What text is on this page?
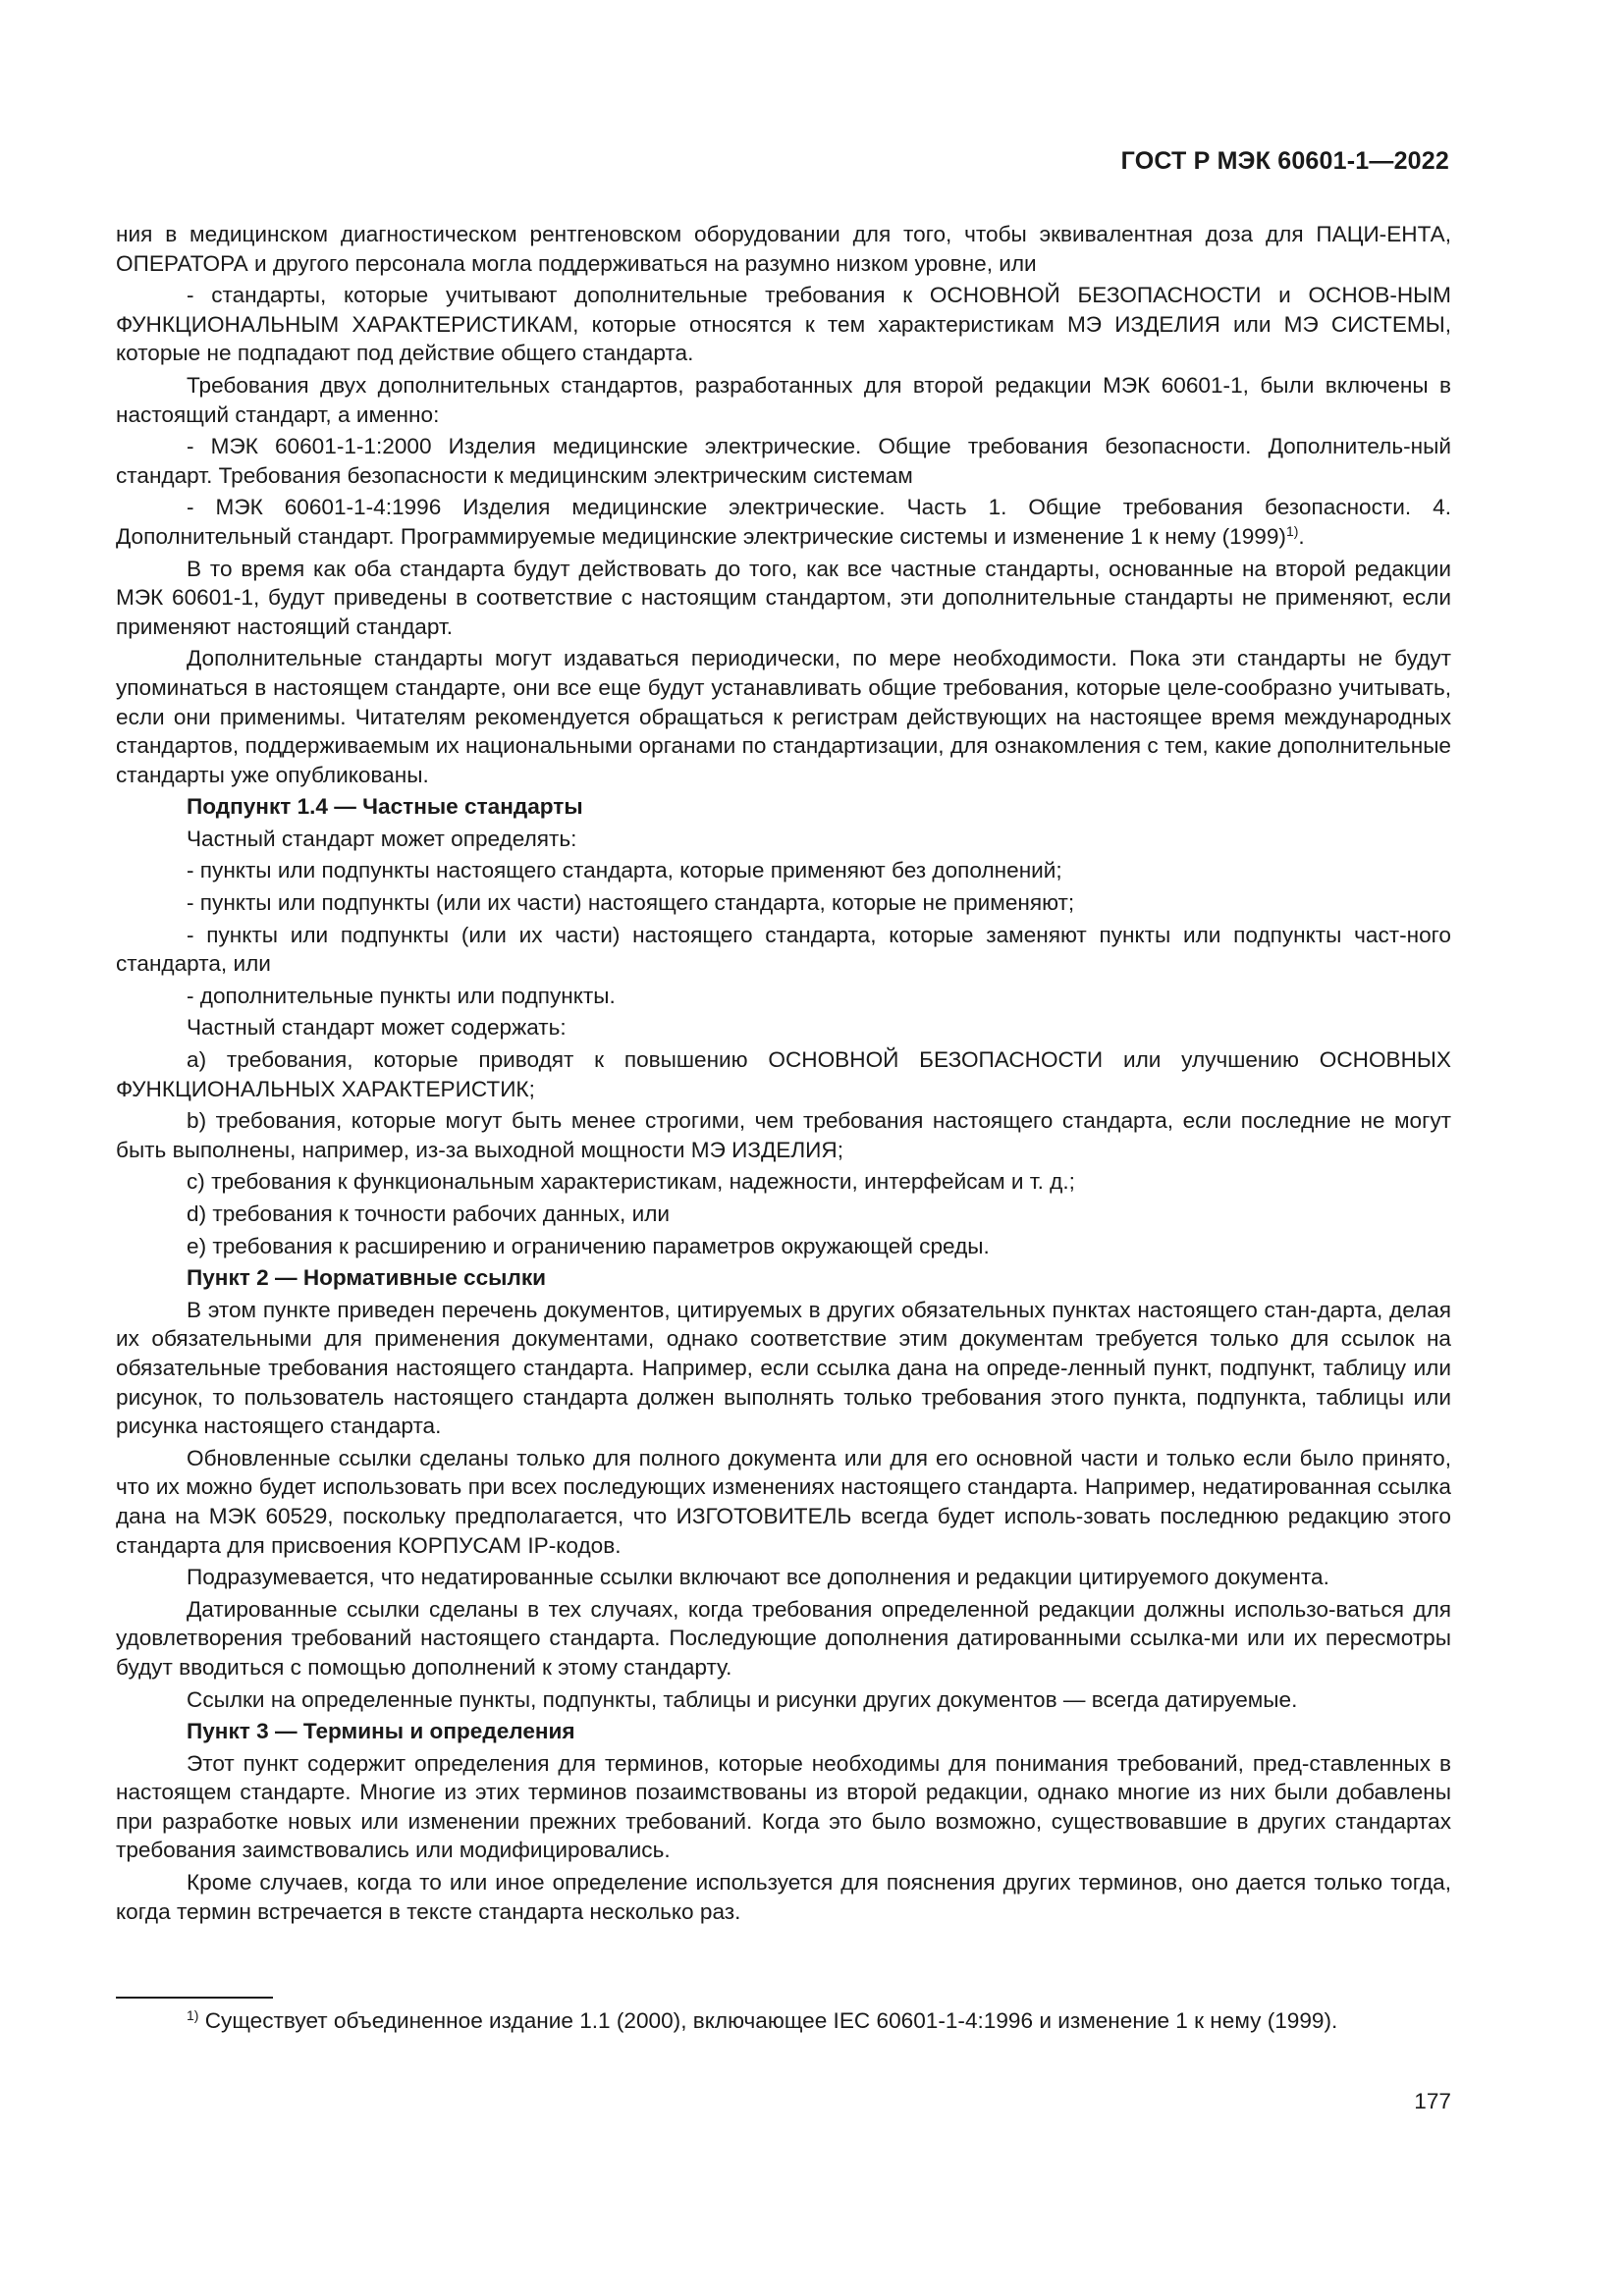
ГОСТ Р МЭК 60601-1—2022

ния в медицинском диагностическом рентгеновском оборудовании для того, чтобы эквивалентная доза для ПАЦИ-ЕНТА, ОПЕРАТОРА и другого персонала могла поддерживаться на разумно низком уровне, или

- стандарты, которые учитывают дополнительные требования к ОСНОВНОЙ БЕЗОПАСНОСТИ и ОСНОВ-НЫМ ФУНКЦИОНАЛЬНЫМ ХАРАКТЕРИСТИКАМ, которые относятся к тем характеристикам МЭ ИЗДЕЛИЯ или МЭ СИСТЕМЫ, которые не подпадают под действие общего стандарта.

Требования двух дополнительных стандартов, разработанных для второй редакции МЭК 60601-1, были включены в настоящий стандарт, а именно:

- МЭК 60601-1-1:2000 Изделия медицинские электрические. Общие требования безопасности. Дополнитель-ный стандарт. Требования безопасности к медицинским электрическим системам

- МЭК 60601-1-4:1996 Изделия медицинские электрические. Часть 1. Общие требования безопасности. 4. Дополнительный стандарт. Программируемые медицинские электрические системы и изменение 1 к нему $(1999)^{1)}$.

В то время как оба стандарта будут действовать до того, как все частные стандарты, основанные на второй редакции МЭК 60601-1, будут приведены в соответствие с настоящим стандартом, эти дополнительные стандарты не применяют, если применяют настоящий стандарт.

Дополнительные стандарты могут издаваться периодически, по мере необходимости. Пока эти стандарты не будут упоминаться в настоящем стандарте, они все еще будут устанавливать общие требования, которые целе-сообразно учитывать, если они применимы. Читателям рекомендуется обращаться к регистрам действующих на настоящее время международных стандартов, поддерживаемым их национальными органами по стандартизации, для ознакомления с тем, какие дополнительные стандарты уже опубликованы.

Подпункт 1.4 — Частные стандарты

Частный стандарт может определять:

- пункты или подпункты настоящего стандарта, которые применяют без дополнений;

- пункты или подпункты (или их части) настоящего стандарта, которые не применяют;

- пункты или подпункты (или их части) настоящего стандарта, которые заменяют пункты или подпункты част-ного стандарта, или

- дополнительные пункты или подпункты.

Частный стандарт может содержать:

a) требования, которые приводят к повышению ОСНОВНОЙ БЕЗОПАСНОСТИ или улучшению ОСНОВНЫХ ФУНКЦИОНАЛЬНЫХ ХАРАКТЕРИСТИК;

b) требования, которые могут быть менее строгими, чем требования настоящего стандарта, если последние не могут быть выполнены, например, из-за выходной мощности МЭ ИЗДЕЛИЯ;

c) требования к функциональным характеристикам, надежности, интерфейсам и т. д.;

d) требования к точности рабочих данных, или

e) требования к расширению и ограничению параметров окружающей среды.

Пункт 2 — Нормативные ссылки

В этом пункте приведен перечень документов, цитируемых в других обязательных пунктах настоящего стан-дарта, делая их обязательными для применения документами, однако соответствие этим документам требуется только для ссылок на обязательные требования настоящего стандарта. Например, если ссылка дана на опреде-ленный пункт, подпункт, таблицу или рисунок, то пользователь настоящего стандарта должен выполнять только требования этого пункта, подпункта, таблицы или рисунка настоящего стандарта.

Обновленные ссылки сделаны только для полного документа или для его основной части и только если было принято, что их можно будет использовать при всех последующих изменениях настоящего стандарта. Например, недатированная ссылка дана на МЭК 60529, поскольку предполагается, что ИЗГОТОВИТЕЛЬ всегда будет исполь-зовать последнюю редакцию этого стандарта для присвоения КОРПУСАМ IP-кодов.

Подразумевается, что недатированные ссылки включают все дополнения и редакции цитируемого документа.

Датированные ссылки сделаны в тех случаях, когда требования определенной редакции должны использо-ваться для удовлетворения требований настоящего стандарта. Последующие дополнения датированными ссылка-ми или их пересмотры будут вводиться с помощью дополнений к этому стандарту.

Ссылки на определенные пункты, подпункты, таблицы и рисунки других документов — всегда датируемые.

Пункт 3 — Термины и определения

Этот пункт содержит определения для терминов, которые необходимы для понимания требований, пред-ставленных в настоящем стандарте. Многие из этих терминов позаимствованы из второй редакции, однако многие из них были добавлены при разработке новых или изменении прежних требований. Когда это было возможно, существовавшие в других стандартах требования заимствовались или модифицировались.

Кроме случаев, когда то или иное определение используется для пояснения других терминов, оно дается только тогда, когда термин встречается в тексте стандарта несколько раз.

$^{1)}$ Существует объединенное издание 1.1 (2000), включающее IEC 60601-1-4:1996 и изменение 1 к нему (1999).
177
